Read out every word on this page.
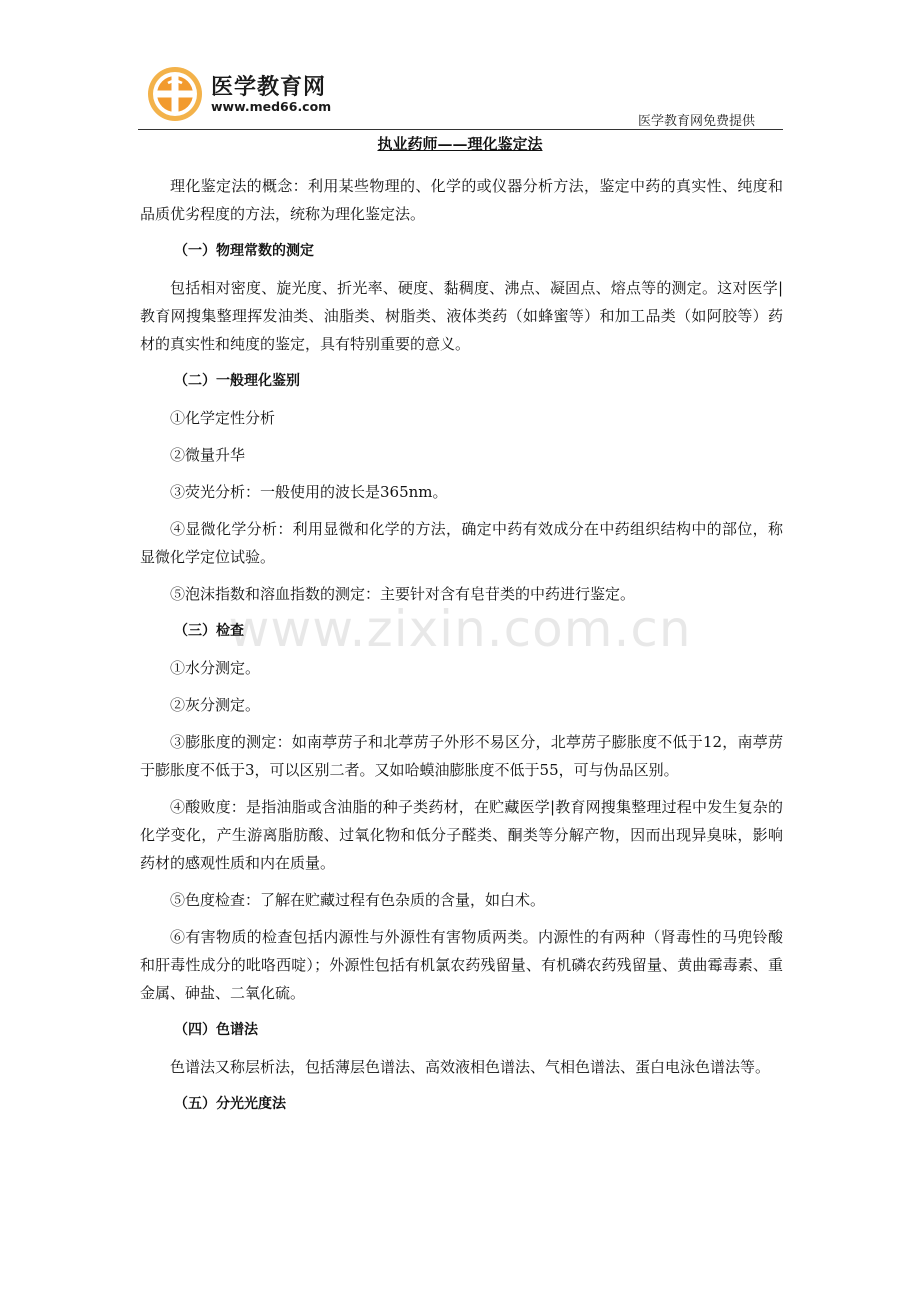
医学教育网
www.med66.com
医学教育网免费提供
执业药师——理化鉴定法
www.zixin.com.cn

理化鉴定法的概念：利用某些物理的、化学的或仪器分析方法，鉴定中药的真实性、纯度和品质优劣程度的方法，统称为理化鉴定法。

（一）物理常数的测定

包括相对密度、旋光度、折光率、硬度、黏稠度、沸点、凝固点、熔点等的测定。这对医学|教育网搜集整理挥发油类、油脂类、树脂类、液体类药（如蜂蜜等）和加工品类（如阿胶等）药材的真实性和纯度的鉴定，具有特别重要的意义。

（二）一般理化鉴别

①化学定性分析

②微量升华

③荧光分析：一般使用的波长是365nm。

④显微化学分析：利用显微和化学的方法，确定中药有效成分在中药组织结构中的部位，称显微化学定位试验。

⑤泡沫指数和溶血指数的测定：主要针对含有皂苷类的中药进行鉴定。

（三）检查

①水分测定。

②灰分测定。

③膨胀度的测定：如南葶苈子和北葶苈子外形不易区分，北葶苈子膨胀度不低于12，南葶苈于膨胀度不低于3，可以区别二者。又如哈蟆油膨胀度不低于55，可与伪品区别。

④酸败度：是指油脂或含油脂的种子类药材，在贮藏医学|教育网搜集整理过程中发生复杂的化学变化，产生游离脂肪酸、过氧化物和低分子醛类、酮类等分解产物，因而出现异臭味，影响药材的感观性质和内在质量。

⑤色度检查：了解在贮藏过程有色杂质的含量，如白术。

⑥有害物质的检查包括内源性与外源性有害物质两类。内源性的有两种（肾毒性的马兜铃酸和肝毒性成分的吡咯西啶）；外源性包括有机氯农药残留量、有机磷农药残留量、黄曲霉毒素、重金属、砷盐、二氧化硫。

（四）色谱法

色谱法又称层析法，包括薄层色谱法、高效液相色谱法、气相色谱法、蛋白电泳色谱法等。

（五）分光光度法
